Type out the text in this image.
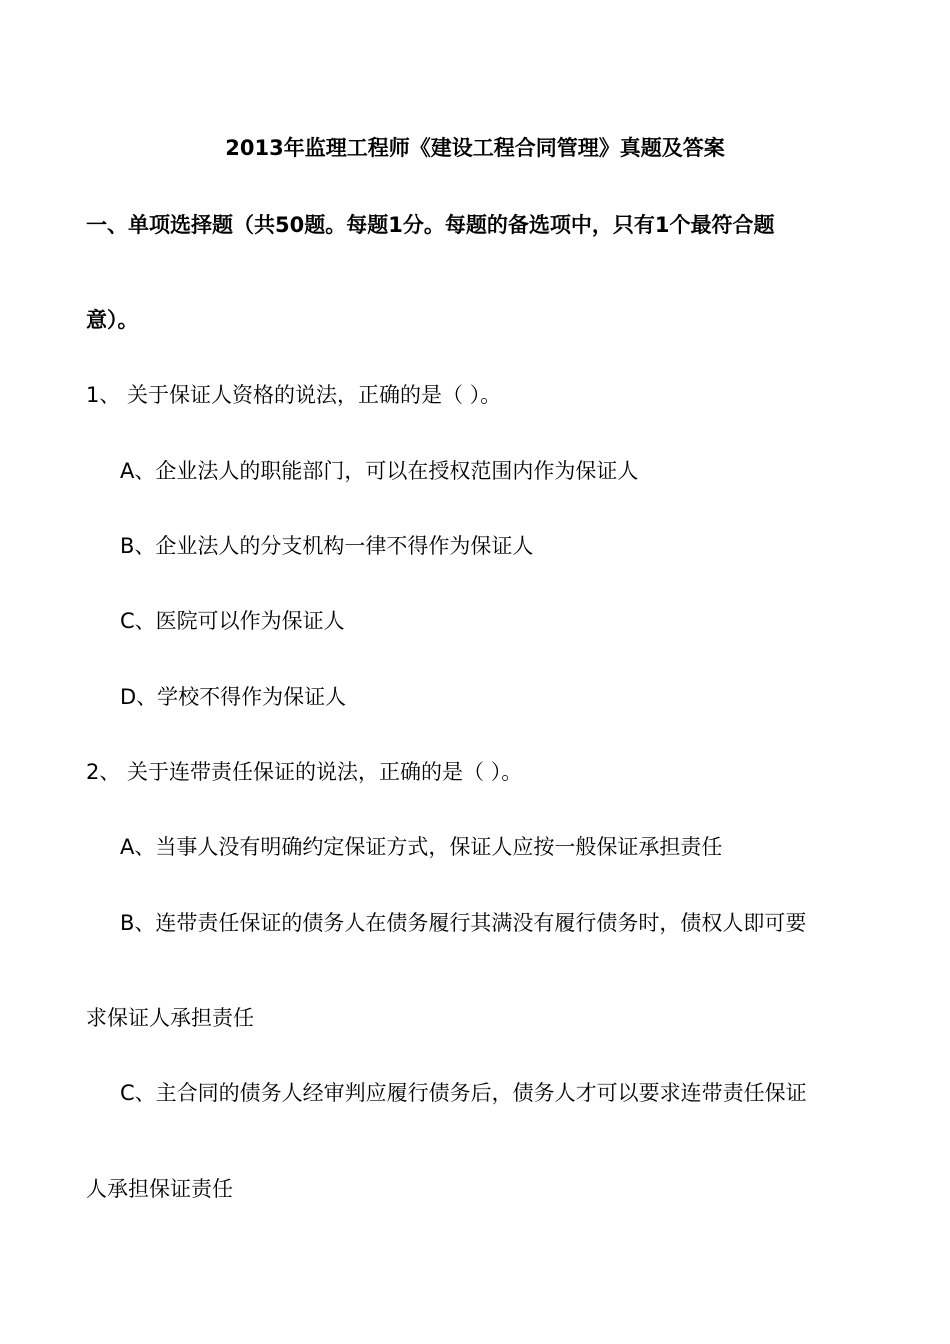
2013年监理工程师《建设工程合同管理》真题及答案
一、单项选择题（共50题。每题1分。每题的备选项中，只有1个最符合题
意）。
1、 关于保证人资格的说法，正确的是（ ）。
A、企业法人的职能部门，可以在授权范围内作为保证人
B、企业法人的分支机构一律不得作为保证人
C、医院可以作为保证人
D、学校不得作为保证人
2、 关于连带责任保证的说法，正确的是（ ）。
A、当事人没有明确约定保证方式，保证人应按一般保证承担责任
B、连带责任保证的债务人在债务履行其满没有履行债务时，债权人即可要
求保证人承担责任
C、主合同的债务人经审判应履行债务后，债务人才可以要求连带责任保证
人承担保证责任
